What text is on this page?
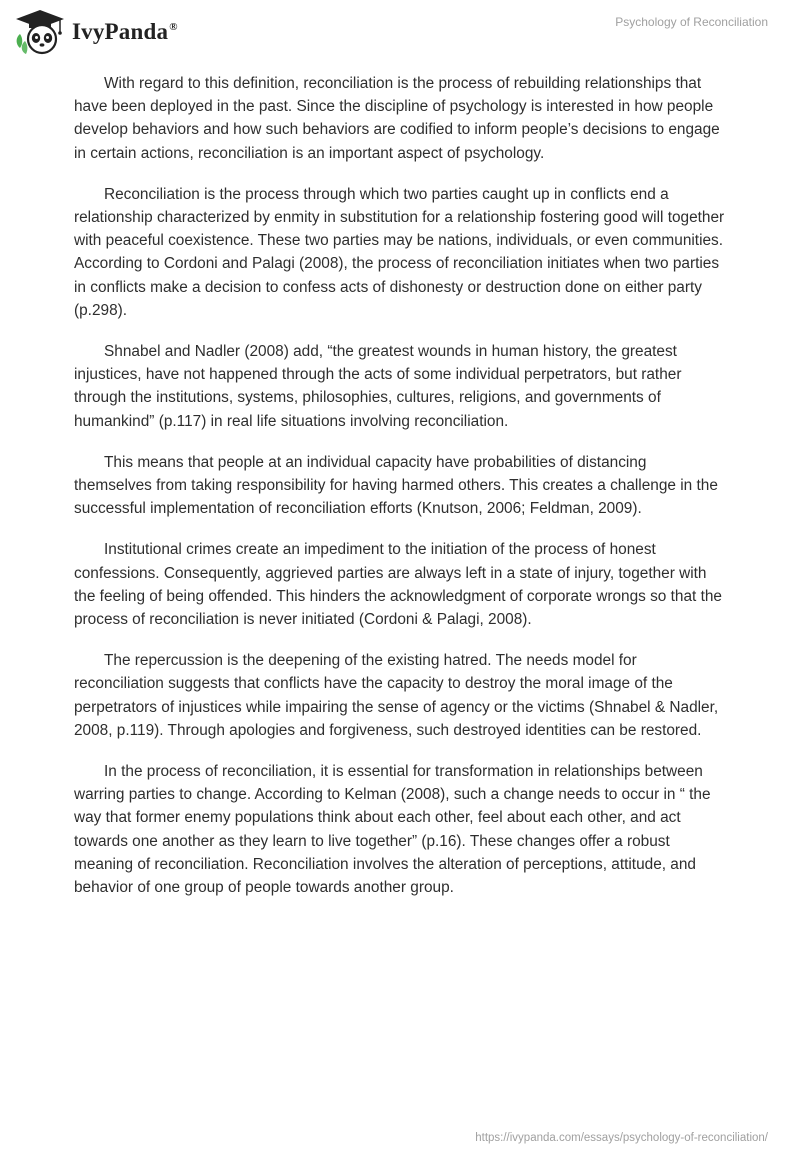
IvyPanda®	Psychology of Reconciliation

With regard to this definition, reconciliation is the process of rebuilding relationships that have been deployed in the past. Since the discipline of psychology is interested in how people develop behaviors and how such behaviors are codified to inform people’s decisions to engage in certain actions, reconciliation is an important aspect of psychology.

Reconciliation is the process through which two parties caught up in conflicts end a relationship characterized by enmity in substitution for a relationship fostering good will together with peaceful coexistence. These two parties may be nations, individuals, or even communities. According to Cordoni and Palagi (2008), the process of reconciliation initiates when two parties in conflicts make a decision to confess acts of dishonesty or destruction done on either party (p.298).

Shnabel and Nadler (2008) add, “the greatest wounds in human history, the greatest injustices, have not happened through the acts of some individual perpetrators, but rather through the institutions, systems, philosophies, cultures, religions, and governments of humankind” (p.117) in real life situations involving reconciliation.

This means that people at an individual capacity have probabilities of distancing themselves from taking responsibility for having harmed others. This creates a challenge in the successful implementation of reconciliation efforts (Knutson, 2006; Feldman, 2009).

Institutional crimes create an impediment to the initiation of the process of honest confessions. Consequently, aggrieved parties are always left in a state of injury, together with the feeling of being offended. This hinders the acknowledgment of corporate wrongs so that the process of reconciliation is never initiated (Cordoni & Palagi, 2008).

The repercussion is the deepening of the existing hatred. The needs model for reconciliation suggests that conflicts have the capacity to destroy the moral image of the perpetrators of injustices while impairing the sense of agency or the victims (Shnabel & Nadler, 2008, p.119). Through apologies and forgiveness, such destroyed identities can be restored.

In the process of reconciliation, it is essential for transformation in relationships between warring parties to change. According to Kelman (2008), such a change needs to occur in “ the way that former enemy populations think about each other, feel about each other, and act towards one another as they learn to live together” (p.16). These changes offer a robust meaning of reconciliation. Reconciliation involves the alteration of perceptions, attitude, and behavior of one group of people towards another group.

https://ivypanda.com/essays/psychology-of-reconciliation/
